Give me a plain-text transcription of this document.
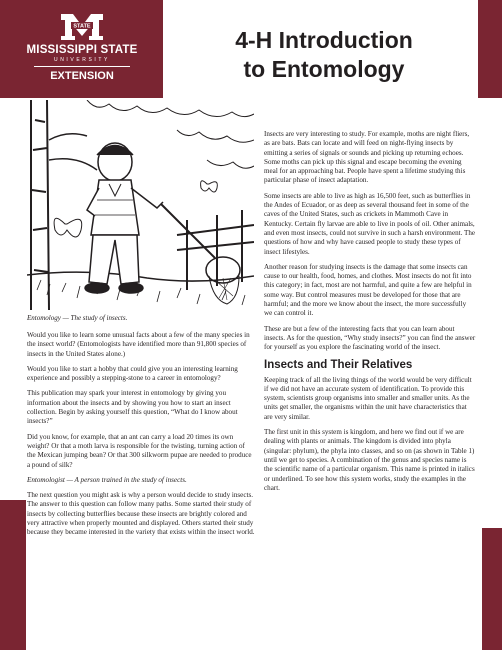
STATE
MISSISSIPPI STATE
UNIVERSITY
EXTENSION
4-H Introduction
to Entomology
Entomology — The study of insects.

Would you like to learn some unusual facts about a few of the many species in the insect world? (Entomologists have identified more than 91,800 species of insects in the United States alone.)

Would you like to start a hobby that could give you an interesting learning experience and possibly a stepping-stone to a career in entomology?

This publication may spark your interest in entomology by giving you information about the insects and by showing you how to start an insect collection. Begin by asking yourself this question, “What do I know about insects?”

Did you know, for example, that an ant can carry a load 20 times its own weight? Or that a moth larva is responsible for the twisting, turning action of the Mexican jumping bean? Or that 300 silkworm pupae are needed to produce a pound of silk?

Entomologist — A person trained in the study of insects.

The next question you might ask is why a person would decide to study insects. The answer to this question can follow many paths. Some started their study of insects by collecting butterflies because these insects are brightly colored and very attractive when properly mounted and displayed. Others started their study because they became interested in the variety that exists within the insect world.

Insects are very interesting to study. For example, moths are night fliers, as are bats. Bats can locate and will feed on night-flying insects by emitting a series of signals or sounds and picking up returning echoes. Some moths can pick up this signal and escape becoming the evening meal for an approaching bat. People have spent a lifetime studying this particular phase of insect adaptation.

Some insects are able to live as high as 16,500 feet, such as butterflies in the Andes of Ecuador, or as deep as several thousand feet in some of the caves of the United States, such as crickets in Mammoth Cave in Kentucky. Certain fly larvae are able to live in pools of oil. Other animals, and even most insects, could not survive in such a harsh environment. The questions of how and why have caused people to study these types of insect lifestyles.

Another reason for studying insects is the damage that some insects can cause to our health, food, homes, and clothes. Most insects do not fit into this category; in fact, most are not harmful, and quite a few are helpful in some way. But control measures must be developed for those that are harmful; and the more we know about the insect, the more successfully we can control it.

These are but a few of the interesting facts that you can learn about insects. As for the question, “Why study insects?” you can find the answer for yourself as you explore the fascinating world of the insect.

Insects and Their Relatives

Keeping track of all the living things of the world would be very difficult if we did not have an accurate system of identification. To provide this system, scientists group organisms into smaller and smaller units. As the units get smaller, the organisms within the unit have characteristics that are very similar.

The first unit in this system is kingdom, and here we find out if we are dealing with plants or animals. The kingdom is divided into phyla (singular: phylum), the phyla into classes, and so on (as shown in Table 1) until we get to species. A combination of the genus and species name is the scientific name of a particular organism. This name is printed in italics or underlined. To see how this system works, study the examples in the chart.
